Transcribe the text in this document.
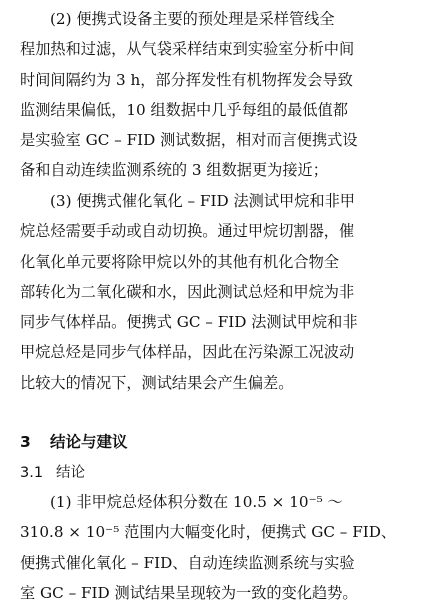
(2) 便携式设备主要的预处理是采样管线全
程加热和过滤，从气袋采样结束到实验室分析中间
时间间隔约为 3 h，部分挥发性有机物挥发会导致
监测结果偏低，10 组数据中几乎每组的最低值都
是实验室 GC – FID 测试数据，相对而言便携式设
备和自动连续监测系统的 3 组数据更为接近；
(3) 便携式催化氧化 – FID 法测试甲烷和非甲
烷总烃需要手动或自动切换。通过甲烷切割器，催
化氧化单元要将除甲烷以外的其他有机化合物全
部转化为二氧化碳和水，因此测试总烃和甲烷为非
同步气体样品。便携式 GC – FID 法测试甲烷和非
甲烷总烃是同步气体样品，因此在污染源工况波动
比较大的情况下，测试结果会产生偏差。
3 结论与建议
3.1 结论
(1) 非甲烷总烃体积分数在 10.5 × 10⁻⁵ ～
310.8 × 10⁻⁵ 范围内大幅变化时，便携式 GC – FID、
便携式催化氧化 – FID、自动连续监测系统与实验
室 GC – FID 测试结果呈现较为一致的变化趋势。
